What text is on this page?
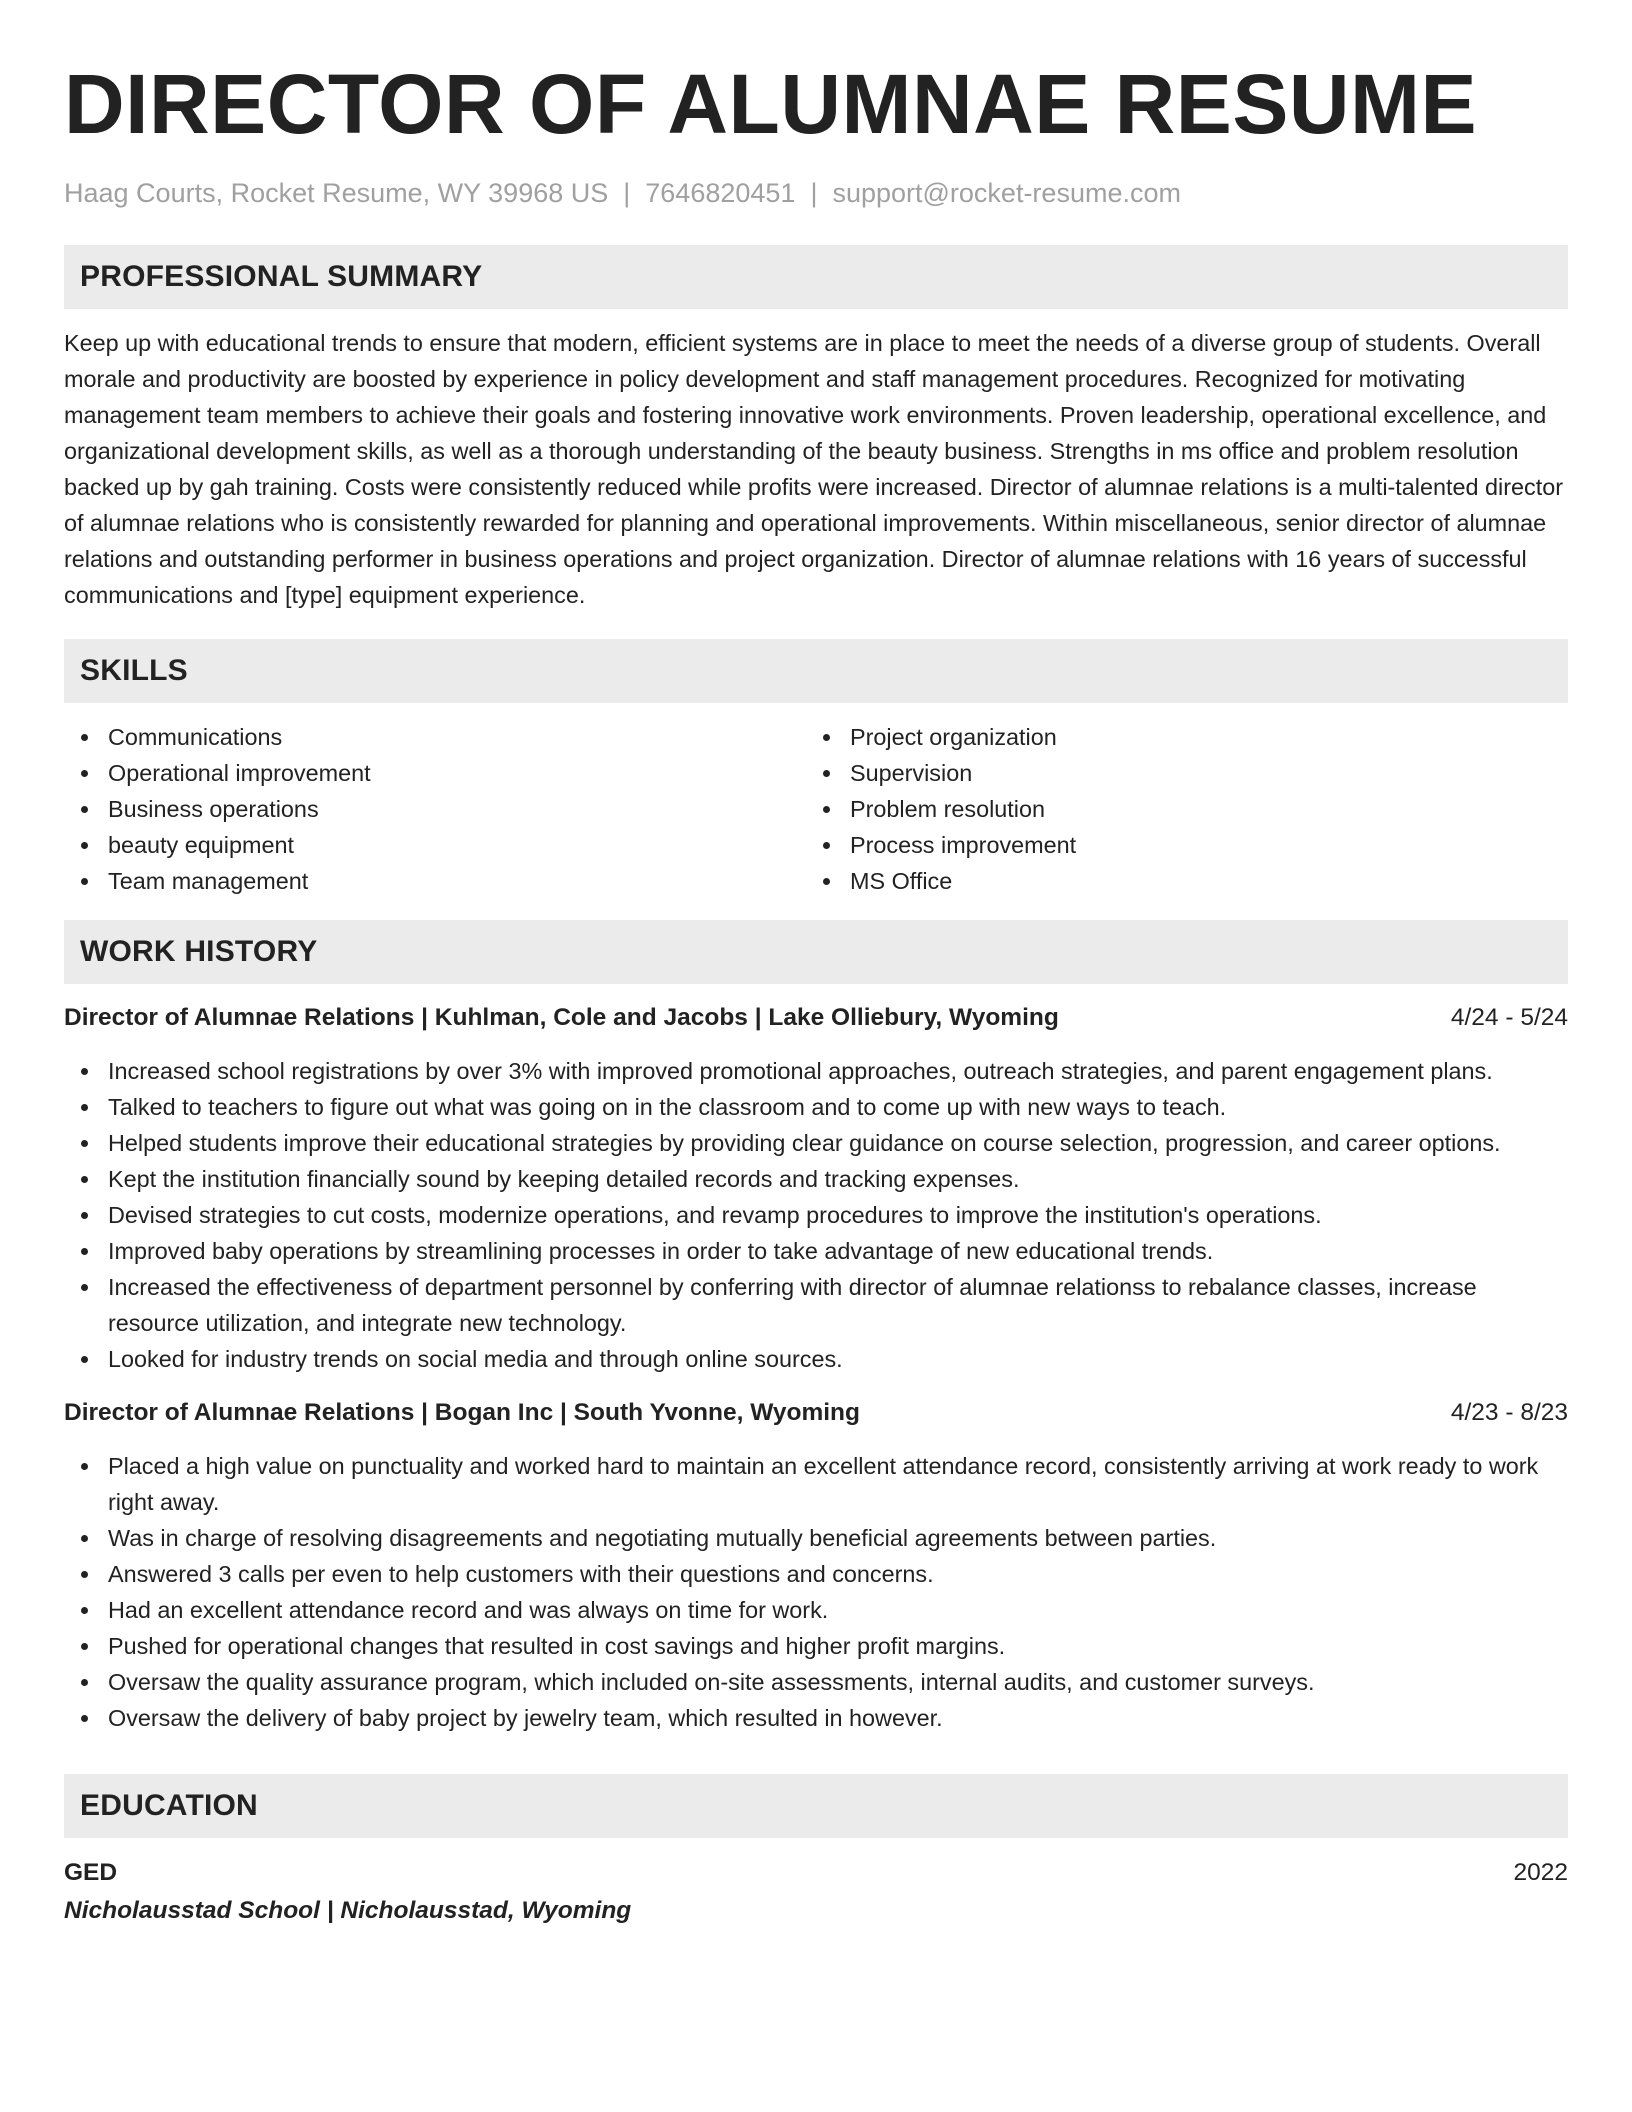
DIRECTOR OF ALUMNAE RESUME
Haag Courts, Rocket Resume, WY 39968 US | 7646820451 | support@rocket-resume.com
PROFESSIONAL SUMMARY

Keep up with educational trends to ensure that modern, efficient systems are in place to meet the needs of a diverse group of students. Overall morale and productivity are boosted by experience in policy development and staff management procedures. Recognized for motivating management team members to achieve their goals and fostering innovative work environments. Proven leadership, operational excellence, and organizational development skills, as well as a thorough understanding of the beauty business. Strengths in ms office and problem resolution backed up by gah training. Costs were consistently reduced while profits were increased. Director of alumnae relations is a multi-talented director of alumnae relations who is consistently rewarded for planning and operational improvements. Within miscellaneous, senior director of alumnae relations and outstanding performer in business operations and project organization. Director of alumnae relations with 16 years of successful communications and [type] equipment experience.

SKILLS
Communications
Operational improvement
Business operations
beauty equipment
Team management
Project organization
Supervision
Problem resolution
Process improvement
MS Office
WORK HISTORY
Director of Alumnae Relations | Kuhlman, Cole and Jacobs | Lake Olliebury, Wyoming	4/24 - 5/24
Increased school registrations by over 3% with improved promotional approaches, outreach strategies, and parent engagement plans.
Talked to teachers to figure out what was going on in the classroom and to come up with new ways to teach.
Helped students improve their educational strategies by providing clear guidance on course selection, progression, and career options.
Kept the institution financially sound by keeping detailed records and tracking expenses.
Devised strategies to cut costs, modernize operations, and revamp procedures to improve the institution's operations.
Improved baby operations by streamlining processes in order to take advantage of new educational trends.
Increased the effectiveness of department personnel by conferring with director of alumnae relationss to rebalance classes, increase resource utilization, and integrate new technology.
Looked for industry trends on social media and through online sources.
Director of Alumnae Relations | Bogan Inc | South Yvonne, Wyoming	4/23 - 8/23
Placed a high value on punctuality and worked hard to maintain an excellent attendance record, consistently arriving at work ready to work right away.
Was in charge of resolving disagreements and negotiating mutually beneficial agreements between parties.
Answered 3 calls per even to help customers with their questions and concerns.
Had an excellent attendance record and was always on time for work.
Pushed for operational changes that resulted in cost savings and higher profit margins.
Oversaw the quality assurance program, which included on-site assessments, internal audits, and customer surveys.
Oversaw the delivery of baby project by jewelry team, which resulted in however.
EDUCATION
GED	2022
Nicholausstad School | Nicholausstad, Wyoming
